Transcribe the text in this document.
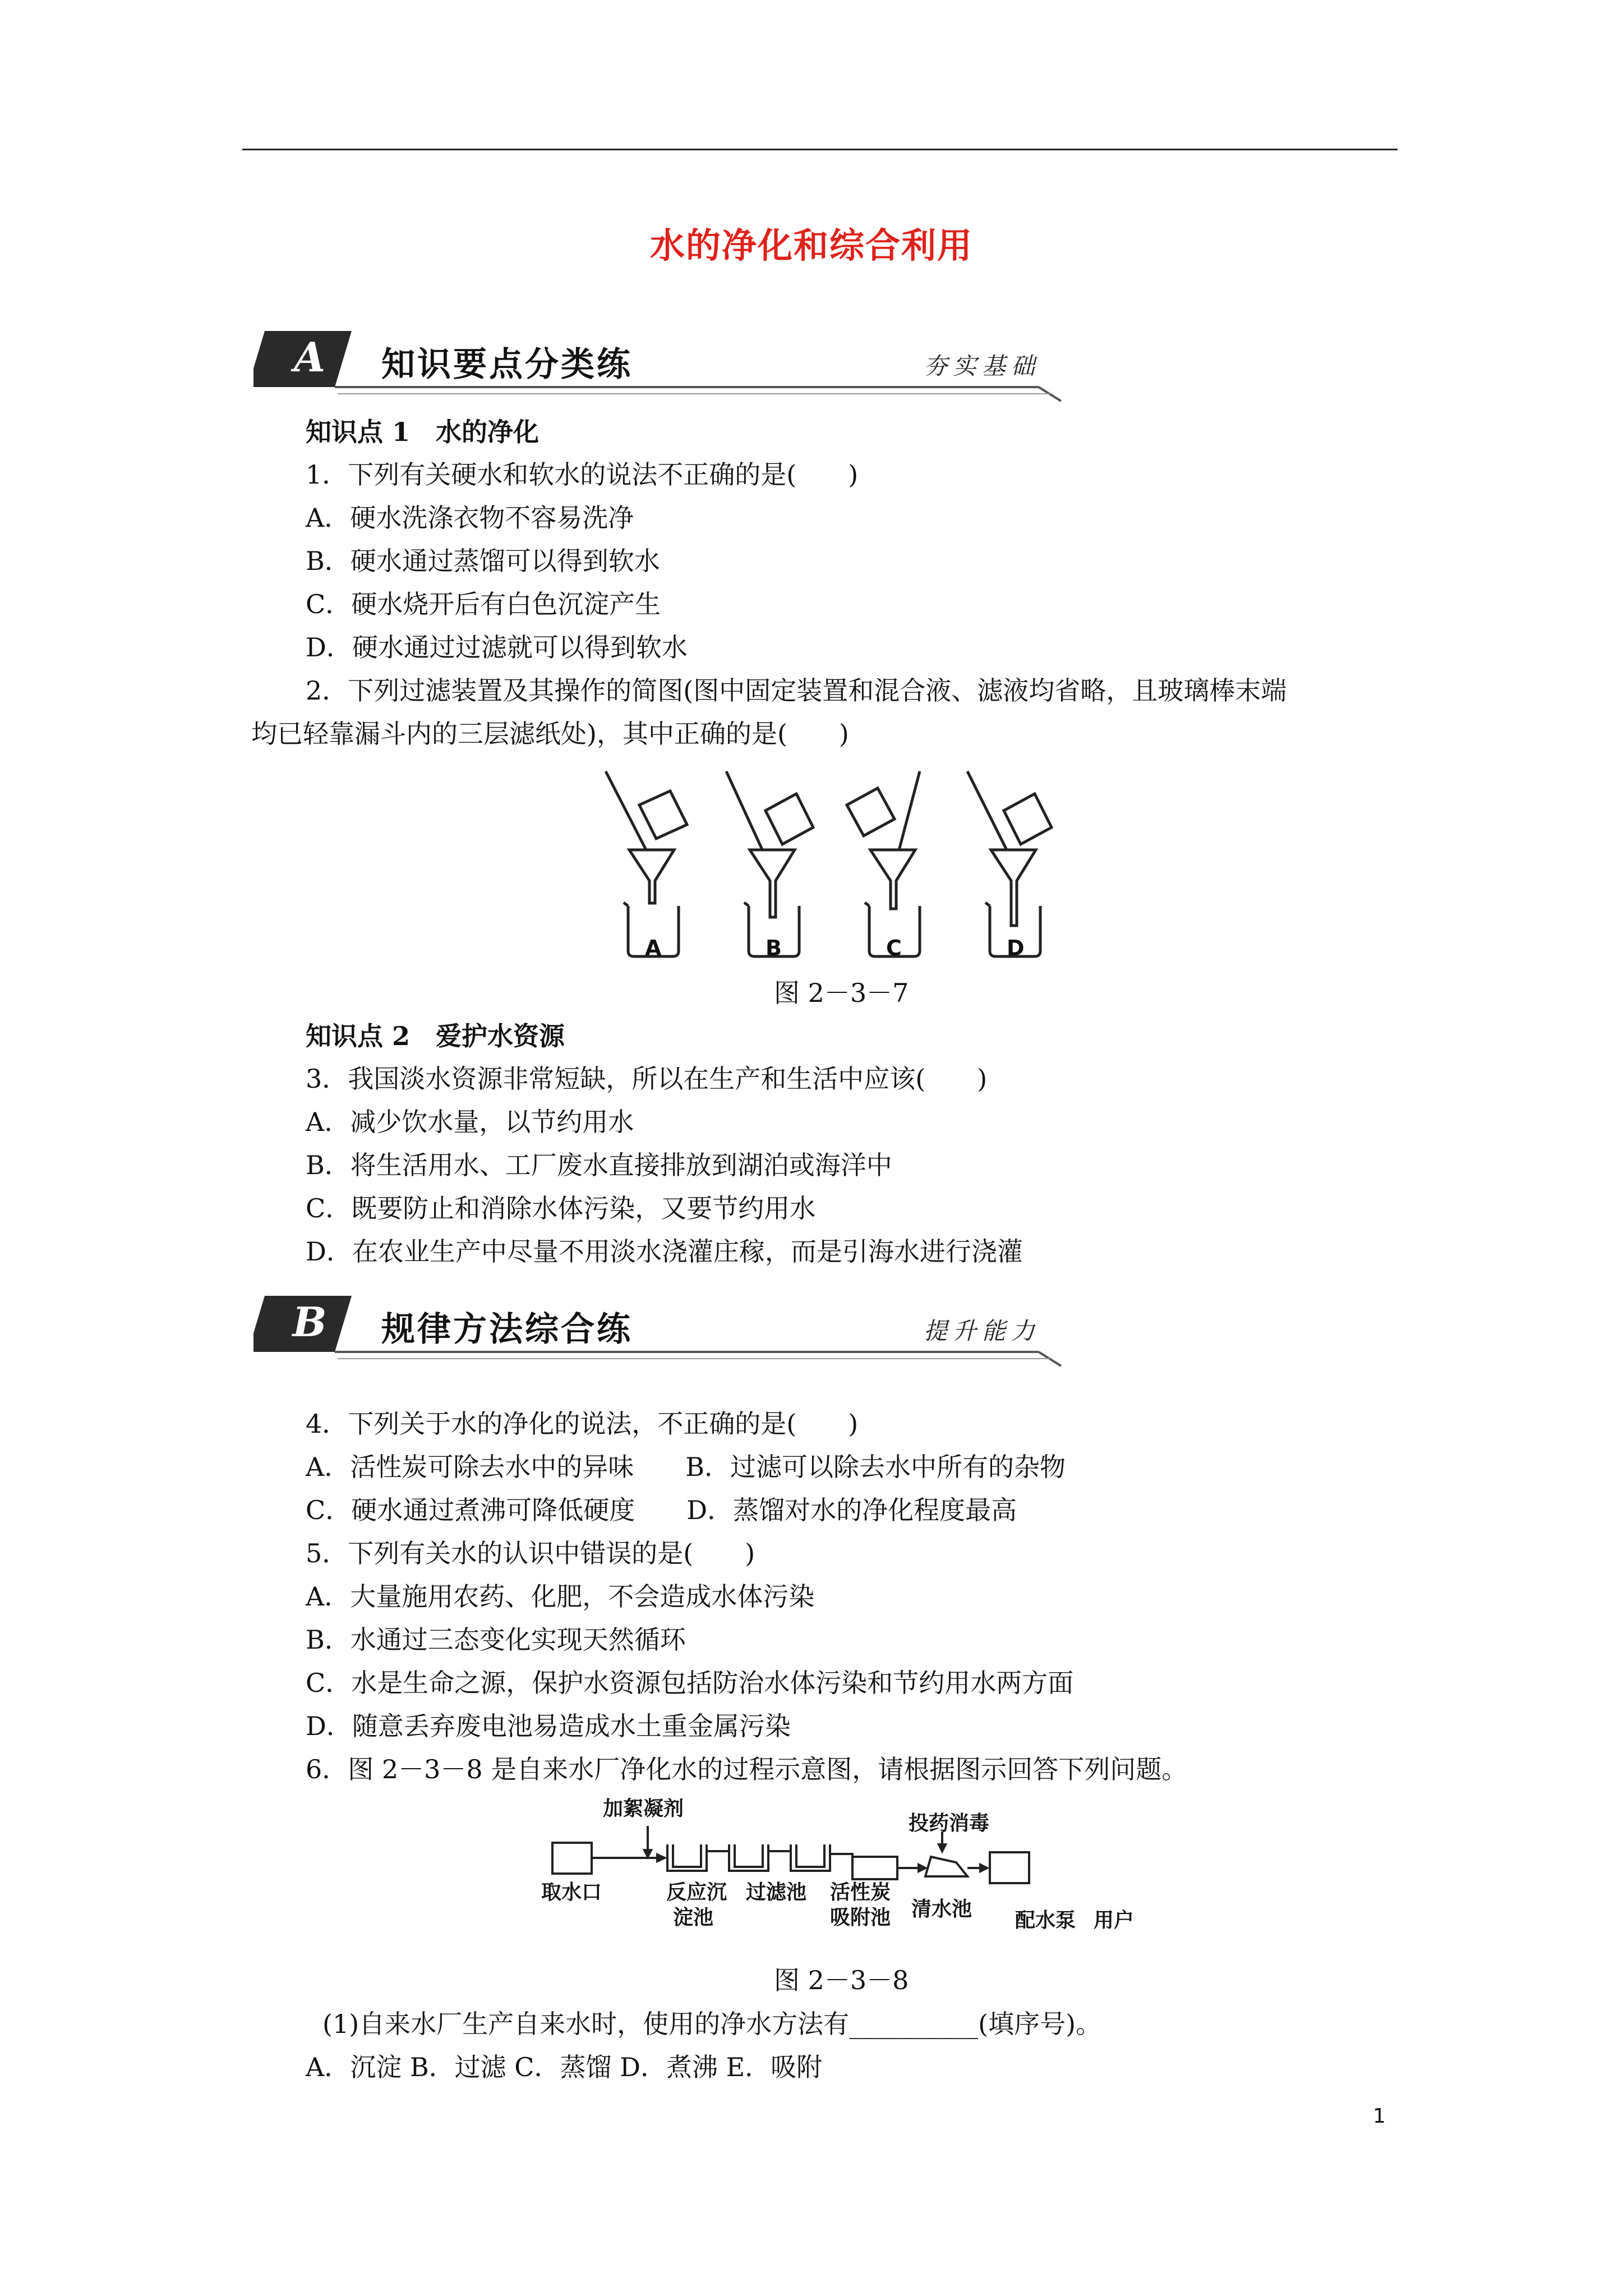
水的净化和综合利用
A	知识要点分类练	夯实基础
知识点 1　水的净化
1．下列有关硬水和软水的说法不正确的是(　　)
A．硬水洗涤衣物不容易洗净
B．硬水通过蒸馏可以得到软水
C．硬水烧开后有白色沉淀产生
D．硬水通过过滤就可以得到软水
2．下列过滤装置及其操作的简图(图中固定装置和混合液、滤液均省略，且玻璃棒末端
均已轻靠漏斗内的三层滤纸处)，其中正确的是(　　)
A	B	C	D
图 2－3－7
知识点 2　爱护水资源
3．我国淡水资源非常短缺，所以在生产和生活中应该(　　)
A．减少饮水量，以节约用水
B．将生活用水、工厂废水直接排放到湖泊或海洋中
C．既要防止和消除水体污染，又要节约用水
D．在农业生产中尽量不用淡水浇灌庄稼，而是引海水进行浇灌
B	规律方法综合练	提升能力
4．下列关于水的净化的说法，不正确的是(　　)
A．活性炭可除去水中的异味　　B．过滤可以除去水中所有的杂物
C．硬水通过煮沸可降低硬度　　D．蒸馏对水的净化程度最高
5．下列有关水的认识中错误的是(　　)
A．大量施用农药、化肥，不会造成水体污染
B．水通过三态变化实现天然循环
C．水是生命之源，保护水资源包括防治水体污染和节约用水两方面
D．随意丢弃废电池易造成水土重金属污染
6．图 2－3－8 是自来水厂净化水的过程示意图，请根据图示回答下列问题。
加絮凝剂
投药消毒
取水口	反应沉
淀池
过滤池 活性炭
吸附池 清水池 配水泵 用户
图 2－3－8
(1)自来水厂生产自来水时，使用的净水方法有__________(填序号)。
A．沉淀 B．过滤 C．蒸馏 D．煮沸 E．吸附
1
